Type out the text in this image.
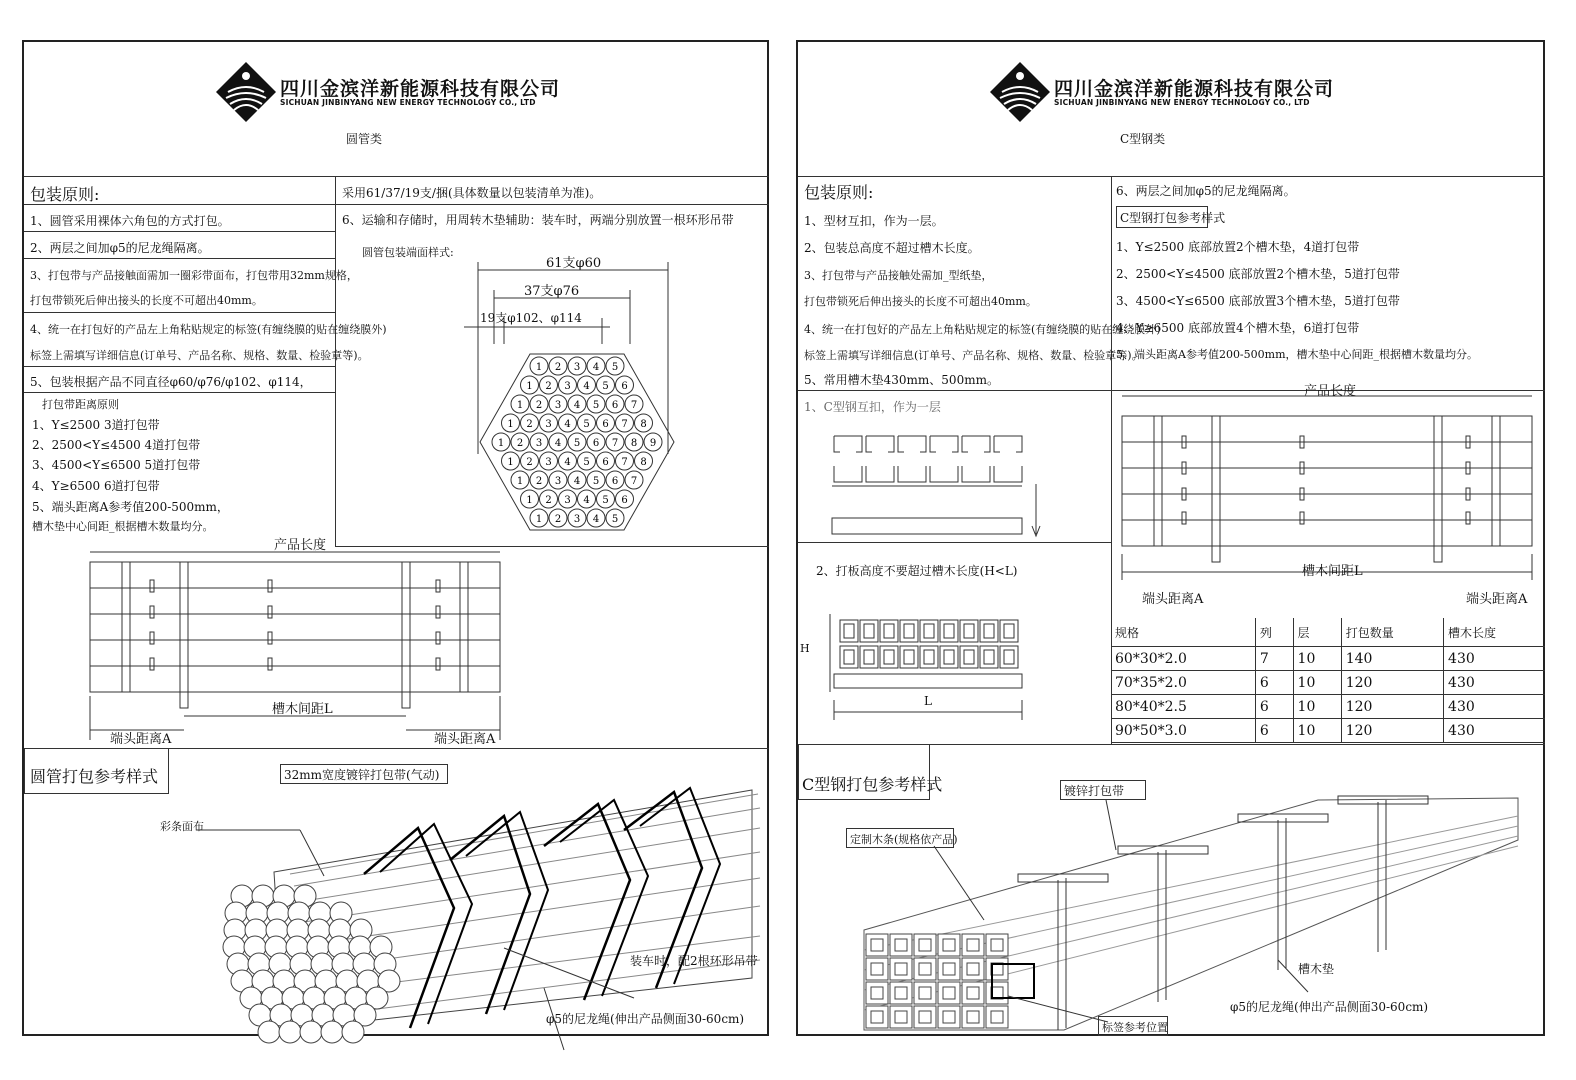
四川金滨洋新能源科技有限公司
SICHUAN JINBINYANG NEW ENERGY TECHNOLOGY CO., LTD
圆管类
包装原则:
1、圆管采用裸体六角包的方式打包。
2、两层之间加φ5的尼龙绳隔离。
3、打包带与产品接触面需加一圈彩带面布，打包带用32mm规格，
打包带锁死后伸出接头的长度不可超出40mm。
4、统一在打包好的产品左上角粘贴规定的标签(有缠绕膜的贴在缠绕膜外)
标签上需填写详细信息(订单号、产品名称、规格、数量、检验章等)。
5、包装根据产品不同直径φ60/φ76/φ102、φ114，
采用61/37/19支/捆(具体数量以包装清单为准)。
6、运输和存储时，用周转木垫辅助：装车时，两端分别放置一根环形吊带
圆管包装端面样式:
61支φ60
37支φ76
19支φ102、φ114
1 2 3 4 5
1 2 3 4 5 6
1 2 3 4 5 6 7
1 2 3 4 5 6 7 8
1 2 3 4 5 6 7 8 9
1 2 3 4 5 6 7 8
1 2 3 4 5 6 7
1 2 3 4 5 6
1 2 3 4 5
打包带距离原则
1、Y≤2500 3道打包带
2、2500<Y≤4500 4道打包带
3、4500<Y≤6500 5道打包带
4、Y≥6500 6道打包带
5、端头距离A参考值200-500mm，
槽木垫中心间距_根据槽木数量均分。
产品长度
槽木间距L
端头距离A	端头距离A
圆管打包参考样式	32mm宽度镀锌打包带(气动)
彩条面布
装车时，配2根环形吊带
φ5的尼龙绳(伸出产品侧面30-60cm)
四川金滨洋新能源科技有限公司
SICHUAN JINBINYANG NEW ENERGY TECHNOLOGY CO., LTD
C型钢类
包装原则:
1、型材互扣，作为一层。
2、包装总高度不超过槽木长度。
3、打包带与产品接触处需加_型纸垫，
打包带锁死后伸出接头的长度不可超出40mm。
4、统一在打包好的产品左上角粘贴规定的标签(有缠绕膜的贴在缠绕膜外)
标签上需填写详细信息(订单号、产品名称、规格、数量、检验章等)。
5、常用槽木垫430mm、500mm。
6、两层之间加φ5的尼龙绳隔离。
C型钢打包参考样式
1、Y≤2500 底部放置2个槽木垫，4道打包带
2、2500<Y≤4500 底部放置2个槽木垫，5道打包带
3、4500<Y≤6500 底部放置3个槽木垫，5道打包带
4、Y≥6500 底部放置4个槽木垫，6道打包带
5、端头距离A参考值200-500mm，槽木垫中心间距_根据槽木数量均分。
1、C型钢互扣，作为一层
2、打板高度不要超过槽木长度(H<L)
H
L
产品长度
槽木间距L
端头距离A	端头距离A
规格	列	层	打包数量	槽木长度
60*30*2.0	7	10	140	430
70*35*2.0	6	10	120	430
80*40*2.5	6	10	120	430
90*50*3.0	6	10	120	430
C型钢打包参考样式	镀锌打包带
定制木条(规格依产品)
槽木垫
φ5的尼龙绳(伸出产品侧面30-60cm)
标签参考位置
